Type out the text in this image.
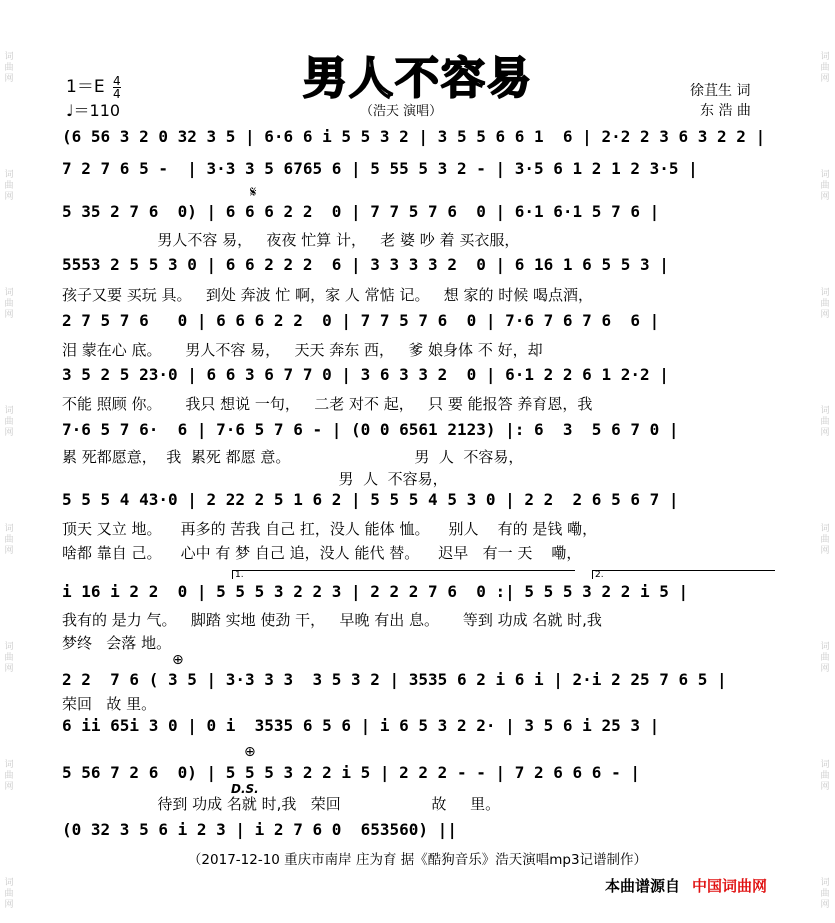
词曲网
词曲网
词曲网
词曲网
词曲网
词曲网
词曲网
词曲网
词曲网
词曲网
词曲网
词曲网
词曲网
词曲网
词曲网
词曲网
男人不容易
（浩天 演唱）
$1=E \frac{4}{4}$
♩＝110
徐苴生 词
东 浩 曲
𝄋
⊕
⊕
D.S.
1.	2.
(6 56 3 2 0 32 3 5 | 6·6 6 i 5 5 3 2 | 3 5 5 6 6 1  6 | 2·2 2 3 6 3 2 2 |
7 2 7 6 5 -  | 3·3 3 5 6765 6 | 5 55 5 3 2 - | 3·5 6 1 2 1 2 3·5 |
5 35 2 7 6  0) | 6 6 6 2 2  0 | 7 7 5 7 6  0 | 6·1 6·1 5 7 6 |
5553 2 5 5 3 0 | 6 6 2 2 2  6 | 3 3 3 3 2  0 | 6 16 1 6 5 5 3 |
2 7 5 7 6   0 | 6 6 6 2 2  0 | 7 7 5 7 6  0 | 7·6 7 6 7 6  6 |
3 5 2 5 23·0 | 6 6 3 6 7 7 0 | 3 6 3 3 2  0 | 6·1 2 2 6 1 2·2 |
7·6 5 7 6·  6 | 7·6 5 7 6 - | (0 0 6561 2123) |: 6  3  5 6 7 0 |
5 5 5 4 43·0 | 2 22 2 5 1 6 2 | 5 5 5 4 5 3 0 | 2 2  2 6 5 6 7 |
i 16 i 2 2  0 | 5 5 5 3 2 2 3 | 2 2 2 7 6  0 :| 5 5 5 3 2 2 i 5 |
2 2  7 6 ( 3 5 | 3·3 3 3  3 5 3 2 | 3535 6 2 i 6 i | 2·i 2 25 7 6 5 |
6 ii 65i 3 0 | 0 i  3535 6 5 6 | i 6 5 3 2 2· | 3 5 6 i 25 3 |
5 56 7 2 6  0) | 5 5 5 3 2 2 i 5 | 2 2 2 - - | 7 2 6 6 6 - |
(0 32 3 5 6 i 2 3 | i 2 7 6 0  653560) ||
男人不容 易，   夜夜 忙算 计，   老 婆 吵 着 买衣服，
孩子又要 买玩 具。   到处 奔波 忙 啊，家 人 常惦 记。   想 家的 时候 喝点酒，
泪 蒙在心 底。     男人不容 易，   天天 奔东 西，   爹 娘身体 不 好，却
不能 照顾 你。     我只 想说 一句，   二老 对不 起，   只 要 能报答 养育恩，我
累 死都愿意，  我  累死 都愿 意。                          男  人  不容易，
男  人  不容易，
顶天 又立 地。    再多的 苦我 自己 扛，没人 能体 恤。    别人    有的 是钱 嘞，
啥都 靠自 己。    心中 有 梦 自己 追，没人 能代 替。    迟早   有一 天    嘞，
我有的 是力 气。   脚踏 实地 使劲 干，   早晚 有出 息。     等到 功成 名就 时,我
梦终   会落 地。
荣回   故 里。
待到 功成 名就 时,我   荣回                   故     里。
（2017-12-10 重庆市南岸 庄为育 据《酷狗音乐》浩天演唱mp3记谱制作）
本曲谱源自 中国词曲网
